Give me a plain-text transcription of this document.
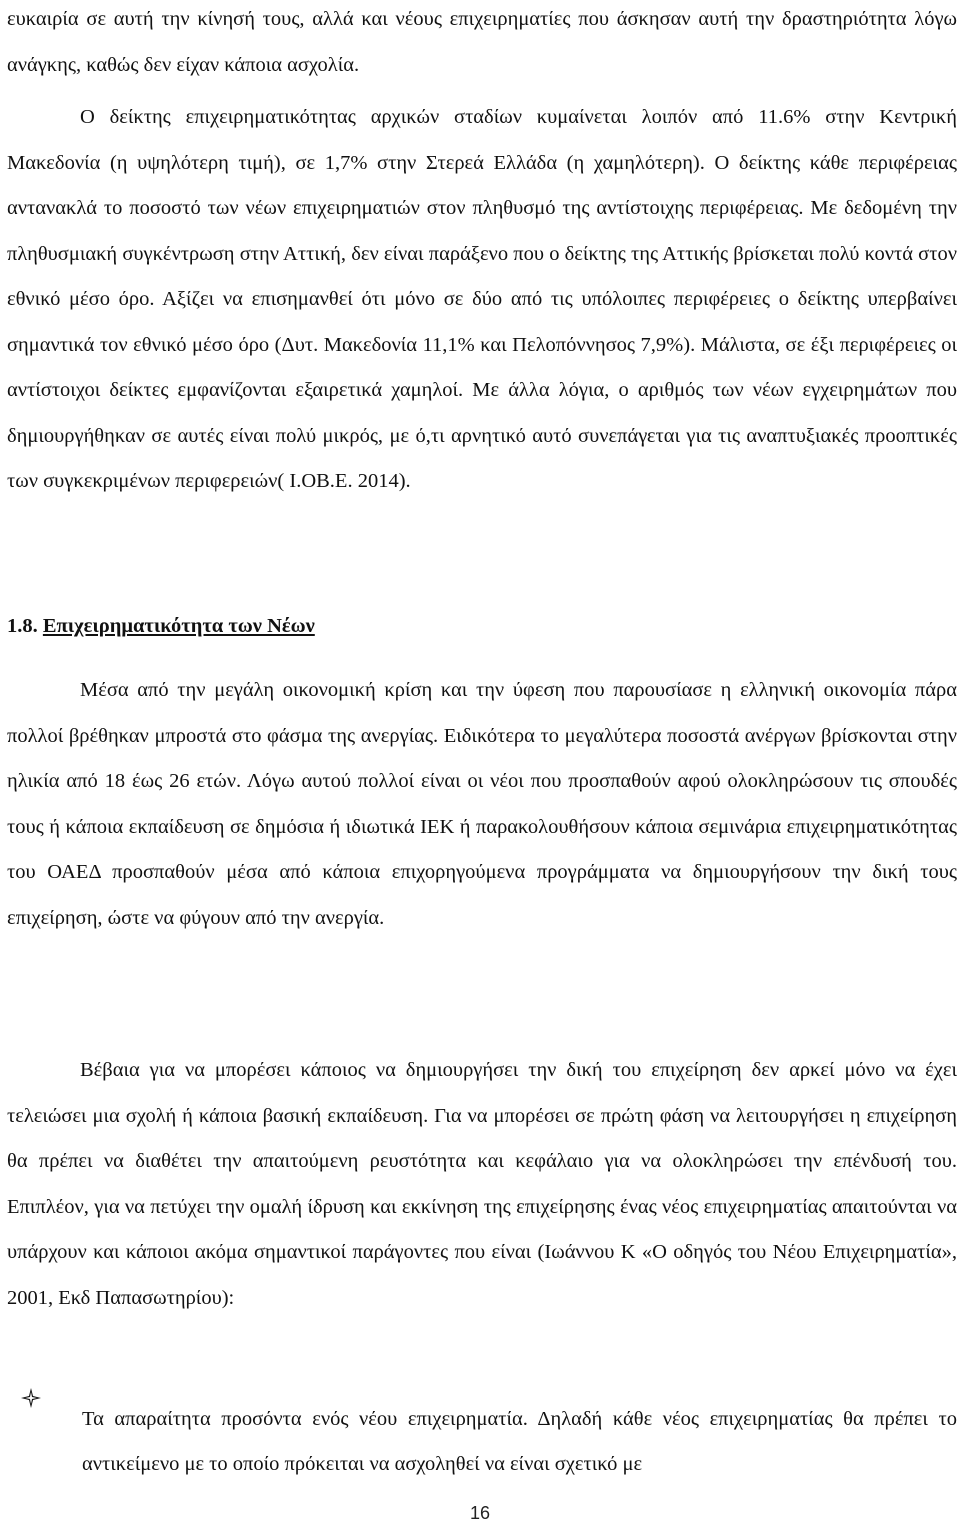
ευκαιρία σε αυτή την κίνησή τους, αλλά και νέους επιχειρηματίες που άσκησαν αυτή την δραστηριότητα λόγω ανάγκης, καθώς δεν είχαν κάποια ασχολία.

Ο δείκτης επιχειρηματικότητας αρχικών σταδίων κυμαίνεται λοιπόν από 11.6% στην Κεντρική Μακεδονία (η υψηλότερη τιμή), σε 1,7% στην Στερεά Ελλάδα (η χαμηλότερη). Ο δείκτης κάθε περιφέρειας αντανακλά το ποσοστό των νέων επιχειρηματιών στον πληθυσμό της αντίστοιχης περιφέρειας. Με δεδομένη την πληθυσμιακή συγκέντρωση στην Αττική, δεν είναι παράξενο που ο δείκτης της Αττικής βρίσκεται πολύ κοντά στον εθνικό μέσο όρο. Αξίζει να επισημανθεί ότι μόνο σε δύο από τις υπόλοιπες περιφέρειες ο δείκτης υπερβαίνει σημαντικά τον εθνικό μέσο όρο (Δυτ. Μακεδονία 11,1% και Πελοπόννησος 7,9%). Μάλιστα, σε έξι περιφέρειες οι αντίστοιχοι δείκτες εμφανίζονται εξαιρετικά χαμηλοί. Με άλλα λόγια, ο αριθμός των νέων εγχειρημάτων που δημιουργήθηκαν σε αυτές είναι πολύ μικρός, με ό,τι αρνητικό αυτό συνεπάγεται για τις αναπτυξιακές προοπτικές των συγκεκριμένων περιφερειών( Ι.ΟΒ.Ε. 2014).

1.8. Επιχειρηματικότητα των Νέων

Μέσα από την μεγάλη οικονομική κρίση και την ύφεση που παρουσίασε η ελληνική οικονομία πάρα πολλοί βρέθηκαν μπροστά στο φάσμα της ανεργίας. Ειδικότερα το μεγαλύτερα ποσοστά ανέργων βρίσκονται στην ηλικία από 18 έως 26 ετών. Λόγω αυτού πολλοί είναι οι νέοι που προσπαθούν αφού ολοκληρώσουν τις σπουδές τους ή κάποια εκπαίδευση σε δημόσια ή ιδιωτικά ΙΕΚ ή παρακολουθήσουν κάποια σεμινάρια επιχειρηματικότητας του ΟΑΕΔ προσπαθούν μέσα από κάποια επιχορηγούμενα προγράμματα να δημιουργήσουν την δική τους επιχείρηση, ώστε να φύγουν από την ανεργία.

Βέβαια για να μπορέσει κάποιος να δημιουργήσει την δική του επιχείρηση δεν αρκεί μόνο να έχει τελειώσει μια σχολή ή κάποια βασική εκπαίδευση. Για να μπορέσει σε πρώτη φάση να λειτουργήσει η επιχείρηση θα πρέπει να διαθέτει την απαιτούμενη ρευστότητα και κεφάλαιο για να ολοκληρώσει την επένδυσή του. Επιπλέον, για να πετύχει την ομαλή ίδρυση και εκκίνηση της επιχείρησης ένας νέος επιχειρηματίας απαιτούνται να υπάρχουν και κάποιοι ακόμα σημαντικοί παράγοντες που είναι (Ιωάννου Κ «Ο οδηγός του Νέου Επιχειρηματία», 2001, Εκδ Παπασωτηρίου):

Τα απαραίτητα προσόντα ενός νέου επιχειρηματία. Δηλαδή κάθε νέος επιχειρηματίας θα πρέπει το αντικείμενο με το οποίο πρόκειται να ασχοληθεί να είναι σχετικό με

16
